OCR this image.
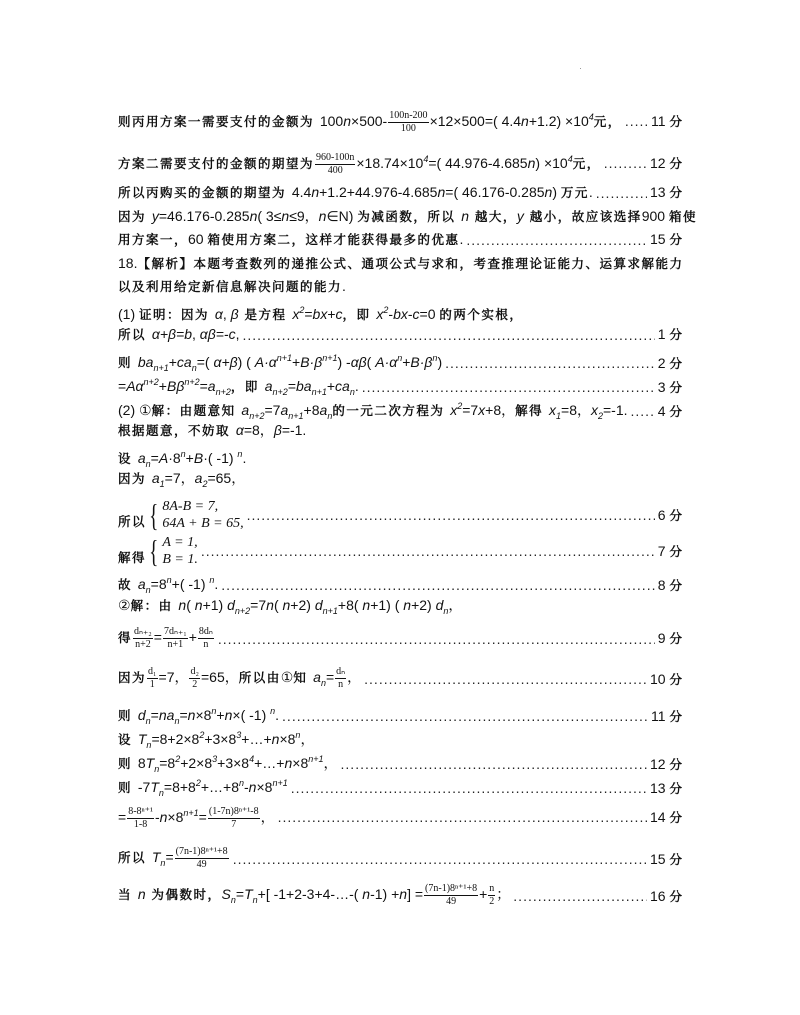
则丙用方案一需要支付的金额为 $100n\times 500- \frac{100n-200}{100} \times 12\times 500=$( $4.4n+1.2) \times 10^4$元， ..... 11 分
方案二需要支付的金额的期望为 $\frac{960-100n}{400} \times 18.74\times 10^4=$( $44.976-4.685n) \times 10^4$元， .....	12 分
所以丙购买的金额的期望为 4.4n+1.2+44.976-4.685n=( 46.176-0.285n) 万元. .....	13 分
因为 y=46.176-0.285n( 3≤n≤9，n∈N) 为减函数，所以 n 越大，y 越小，故应该选择900 箱使
用方案一，60 箱使用方案二，这样才能获得最多的优惠. .....	15 分
18.【解析】本题考查数列的递推公式、通项公式与求和，考查推理论证能力、运算求解能力
以及利用给定新信息解决问题的能力.
(1) 证明：因为 α, β 是方程 $x^2=bx+c$，即 $x^2-bx-c=0$ 的两个实根，
所以 α+β=b, αβ=-c, .....	1 分
则 $ba_{n+1}+ca_n=$( α+β) ( $A\cdot\alpha^{n+1}+B\cdot\beta^{n+1}$) -αβ( $A\cdot\alpha^n+B\cdot\beta^n$) .....	2 分
$=A\alpha^{n+2}+B\beta^{n+2}=a_{n+2}$，即 $a_{n+2}=ba_{n+1}+ca_n$. .....	3 分
(2) ①解：由题意知 $a_{n+2}=7a_{n+1}+8a_n$的一元二次方程为 $x^2=7x+8$，解得 $x_1=8$，$x_2=-1$. ..... 4 分
根据题意，不妨取 α=8，β=-1.
设 $a_n=A\cdot 8^n+B\cdot$( -1) $^n$.
因为 $a_1=7$，$a_2=65$，
所以 { 8A-B = 7,
64A + B = 65,
.....
6 分
解得 { A = 1,
B = 1.
.....
7 分
故 $a_n=8^n+$( -1) $^n$. .....	8 分
②解：由 n( n+1) $d_{n+2}=7n$( n+2) $d_{n+1}+8$( n+1) ( n+2) $d_n$，
得 $\frac{\text{dₙ₊₂}}{n+2} = \frac{\text{7dₙ₊₁}}{n+1} + \frac{\text{8dₙ}}{n}$ .....	9 分
因为 $\frac{\text{d₁}}{1} =7$， $\frac{\text{d₂}}{2} =65$，所以由①知 $a_n= \frac{\text{dₙ}}{n}$ ， .....	10 分
则 $d_n=na_n=n\times 8^n+n\times$( -1) $^n$. .....	11 分
设 $T_n=8+2\times 8^2+3\times 8^3+\dots+n\times 8^n$，
则 $8T_n=8^2+2\times 8^3+3\times 8^4+\dots+n\times 8^{n+1}$， .....	12 分
则 $-7T_n=8+8^2+\dots+8^n-n\times 8^{n+1}$ .....	13 分
= $\frac{\text{8-8ⁿ⁺¹}}{1-8} -n\times 8^{n+1}= \frac{\text{(1-7n)8ⁿ⁺¹-8}}{7}$ ， .....	14 分
所以 $T_n= \frac{\text{(7n-1)8ⁿ⁺¹+8}}{49}$ .....	15 分
当 n 为偶数时，$S_n=T_n+$[ -1+2-3+4-…-( $n-1) +n] = \frac{\text{(7n-1)8ⁿ⁺¹+8}}{49} + \frac{n}{2}$ ； .....	16 分
